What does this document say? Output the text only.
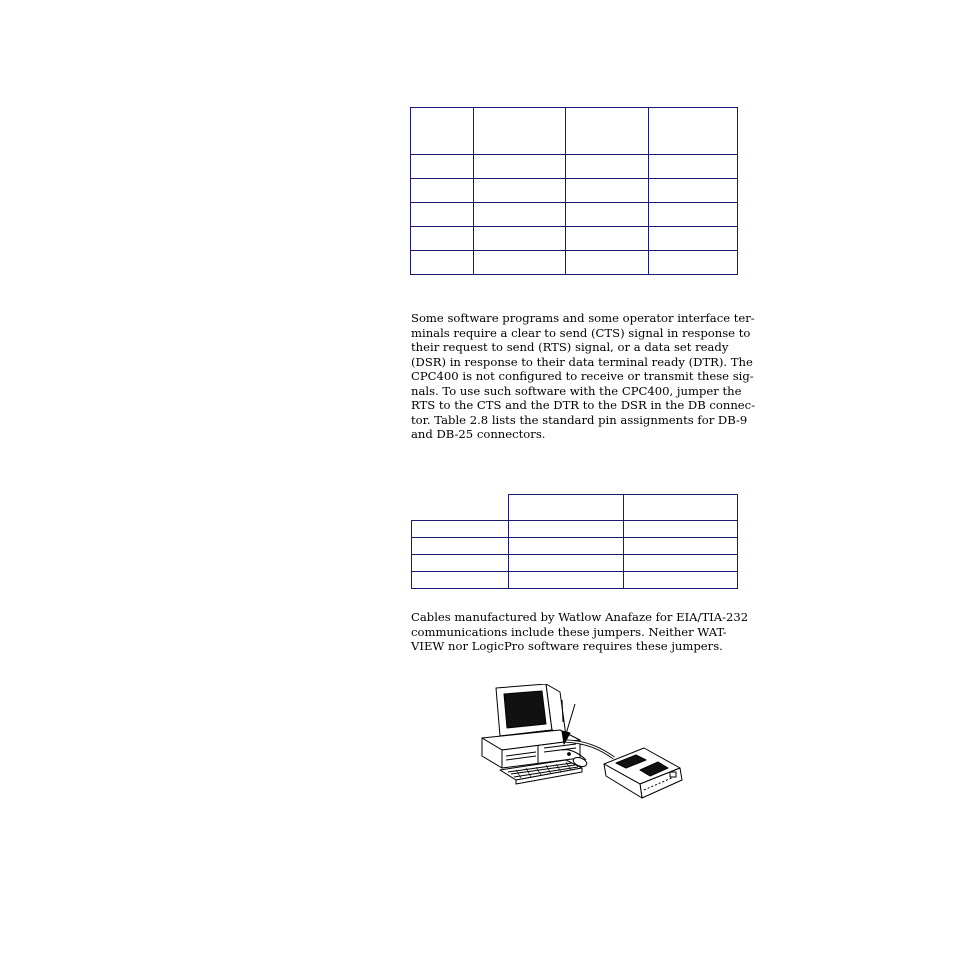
Some software programs and some operator interface ter-
minals require a clear to send (CTS) signal in response to
their request to send (RTS) signal, or a data set ready
(DSR) in response to their data terminal ready (DTR). The
CPC400 is not configured to receive or transmit these sig-
nals. To use such software with the CPC400, jumper the
RTS to the CTS and the DTR to the DSR in the DB connec-
tor. Table 2.8 lists the standard pin assignments for DB-9
and DB-25 connectors.

Cables manufactured by Watlow Anafaze for EIA/TIA-232
communications include these jumpers. Neither WAT-
VIEW nor LogicPro software requires these jumpers.
